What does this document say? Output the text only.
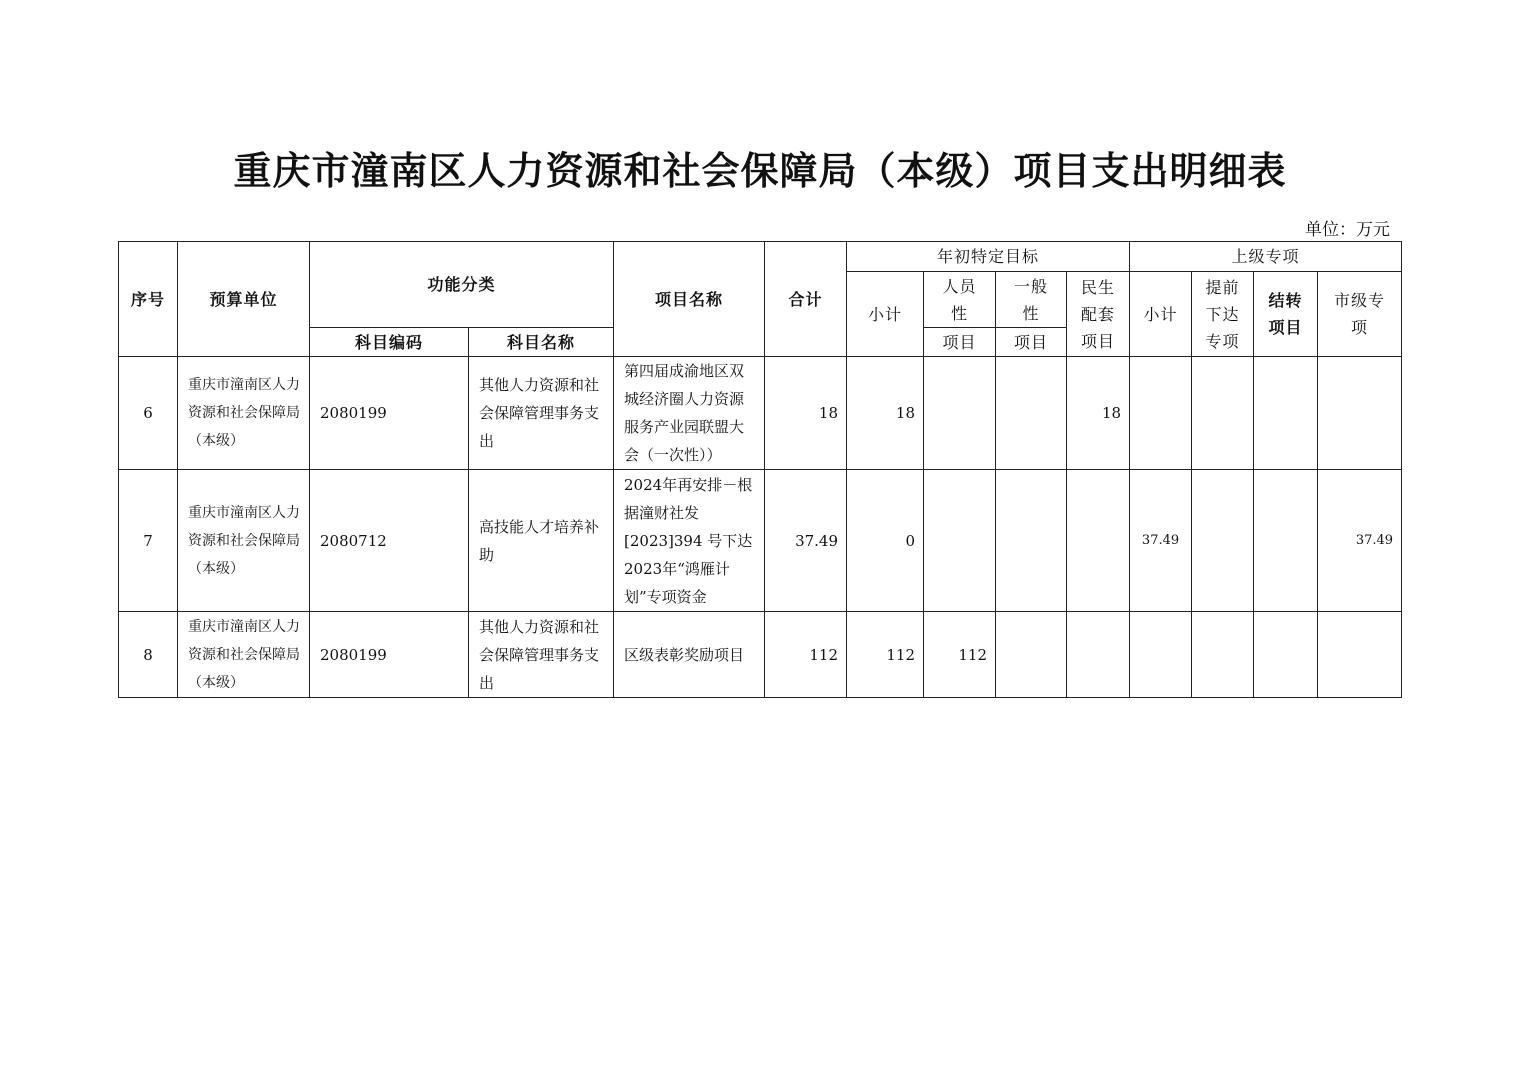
重庆市潼南区人力资源和社会保障局（本级）项目支出明细表
单位：万元
序号	预算单位	功能分类		项目名称	合计	年初特定目标				上级专项			
						小计	人员性	一般性	民生配套项目	小计	提前下达专项	结转项目	市级专项
		科目编码	科目名称				项目	项目					
6	重庆市潼南区人力资源和社会保障局（本级）	2080199	其他人力资源和社会保障管理事务支出	第四届成渝地区双城经济圈人力资源服务产业园联盟大会（一次性））	18	18			18				
7	重庆市潼南区人力资源和社会保障局（本级）	2080712	高技能人才培养补助	2024年再安排－根据潼财社发[2023]394 号下达2023年“鸿雁计划”专项资金	37.49	0				37.49			37.49
8	重庆市潼南区人力资源和社会保障局（本级）	2080199	其他人力资源和社会保障管理事务支出	区级表彰奖励项目	112	112	112						
